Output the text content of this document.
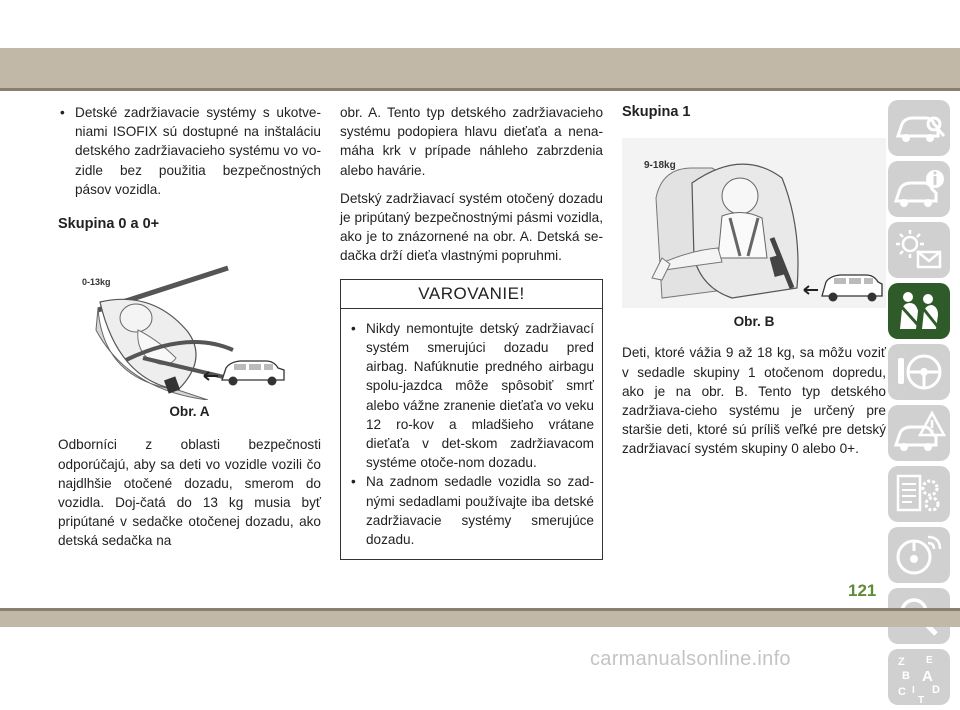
• Detské zadržiavacie systémy s ukotve-niami ISOFIX sú dostupné na inštaláciu detského zadržiavacieho systému vo vo-zidle bez použitia bezpečnostných pásov vozidla.

Skupina 0 a 0+
0-13kg
Obr. A

Odborníci z oblasti bezpečnosti odporúčajú, aby sa deti vo vozidle vozili čo najdlhšie otočené dozadu, smerom do vozidla. Doj-čatá do 13 kg musia byť pripútané v sedačke otočenej dozadu, ako detská sedačka na

obr. A. Tento typ detského zadržiavacieho systému podopiera hlavu dieťaťa a nena-máha krk v prípade náhleho zabrzdenia alebo havárie.

Detský zadržiavací systém otočený dozadu je pripútaný bezpečnostnými pásmi vozidla, ako je to znázornené na obr. A. Detská se-dačka drží dieťa vlastnými popruhmi.

VAROVANIE!

• Nikdy nemontujte detský zadržiavací systém smerujúci dozadu pred airbag. Nafúknutie predného airbagu spolu-jazdca môže spôsobiť smrť alebo vážne zranenie dieťaťa vo veku 12 ro-kov a mladšieho vrátane dieťaťa v det-skom zadržiavacom systéme otoče-nom dozadu.

• Na zadnom sedadle vozidla so zad-nými sedadlami používajte iba detské zadržiavacie systémy smerujúce dozadu.

Skupina 1
9-18kg
Obr. B

Deti, ktoré vážia 9 až 18 kg, sa môžu voziť v sedadle skupiny 1 otočenom dopredu, ako je na obr. B. Tento typ detského zadržiava-cieho systému je určený pre staršie deti, ktoré sú príliš veľké pre detský zadržiavací systém skupiny 0 alebo 0+.

Z E
B A
C D
I
T
121
carmanualsonline.info
